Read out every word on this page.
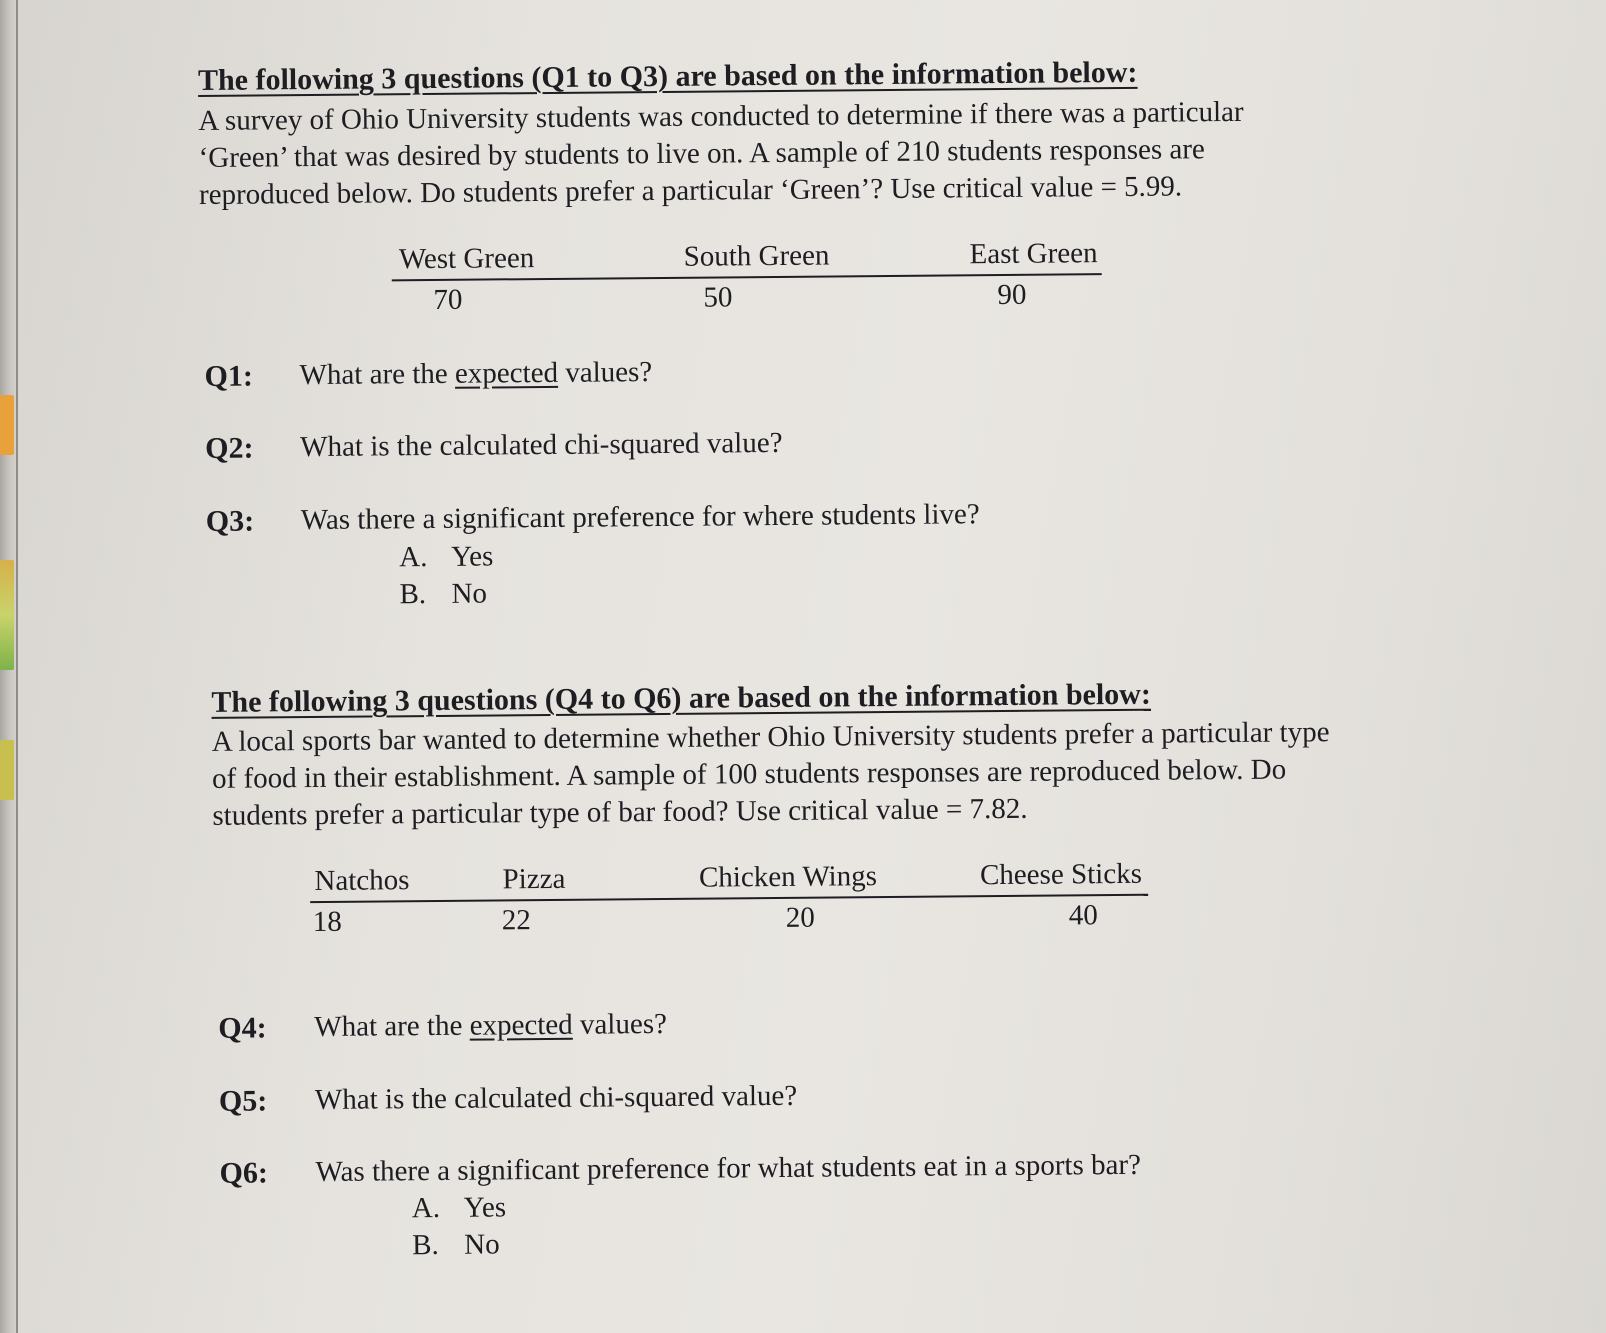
The following 3 questions (Q1 to Q3) are based on the information below:
A survey of Ohio University students was conducted to determine if there was a particular
‘Green’ that was desired by students to live on. A sample of 210 students responses are
reproduced below. Do students prefer a particular ‘Green’? Use critical value = 5.99.
West Green	South Green	East Green
70	50	90
Q1: What are the expected values?
Q2: What is the calculated chi-squared value?
Q3: Was there a significant preference for where students live?
A. Yes
B. No
The following 3 questions (Q4 to Q6) are based on the information below:
A local sports bar wanted to determine whether Ohio University students prefer a particular type
of food in their establishment. A sample of 100 students responses are reproduced below. Do
students prefer a particular type of bar food? Use critical value = 7.82.
Natchos	Pizza	Chicken Wings	Cheese Sticks
18	22	20	40
Q4: What are the expected values?
Q5: What is the calculated chi-squared value?
Q6: Was there a significant preference for what students eat in a sports bar?
A. Yes
B. No
